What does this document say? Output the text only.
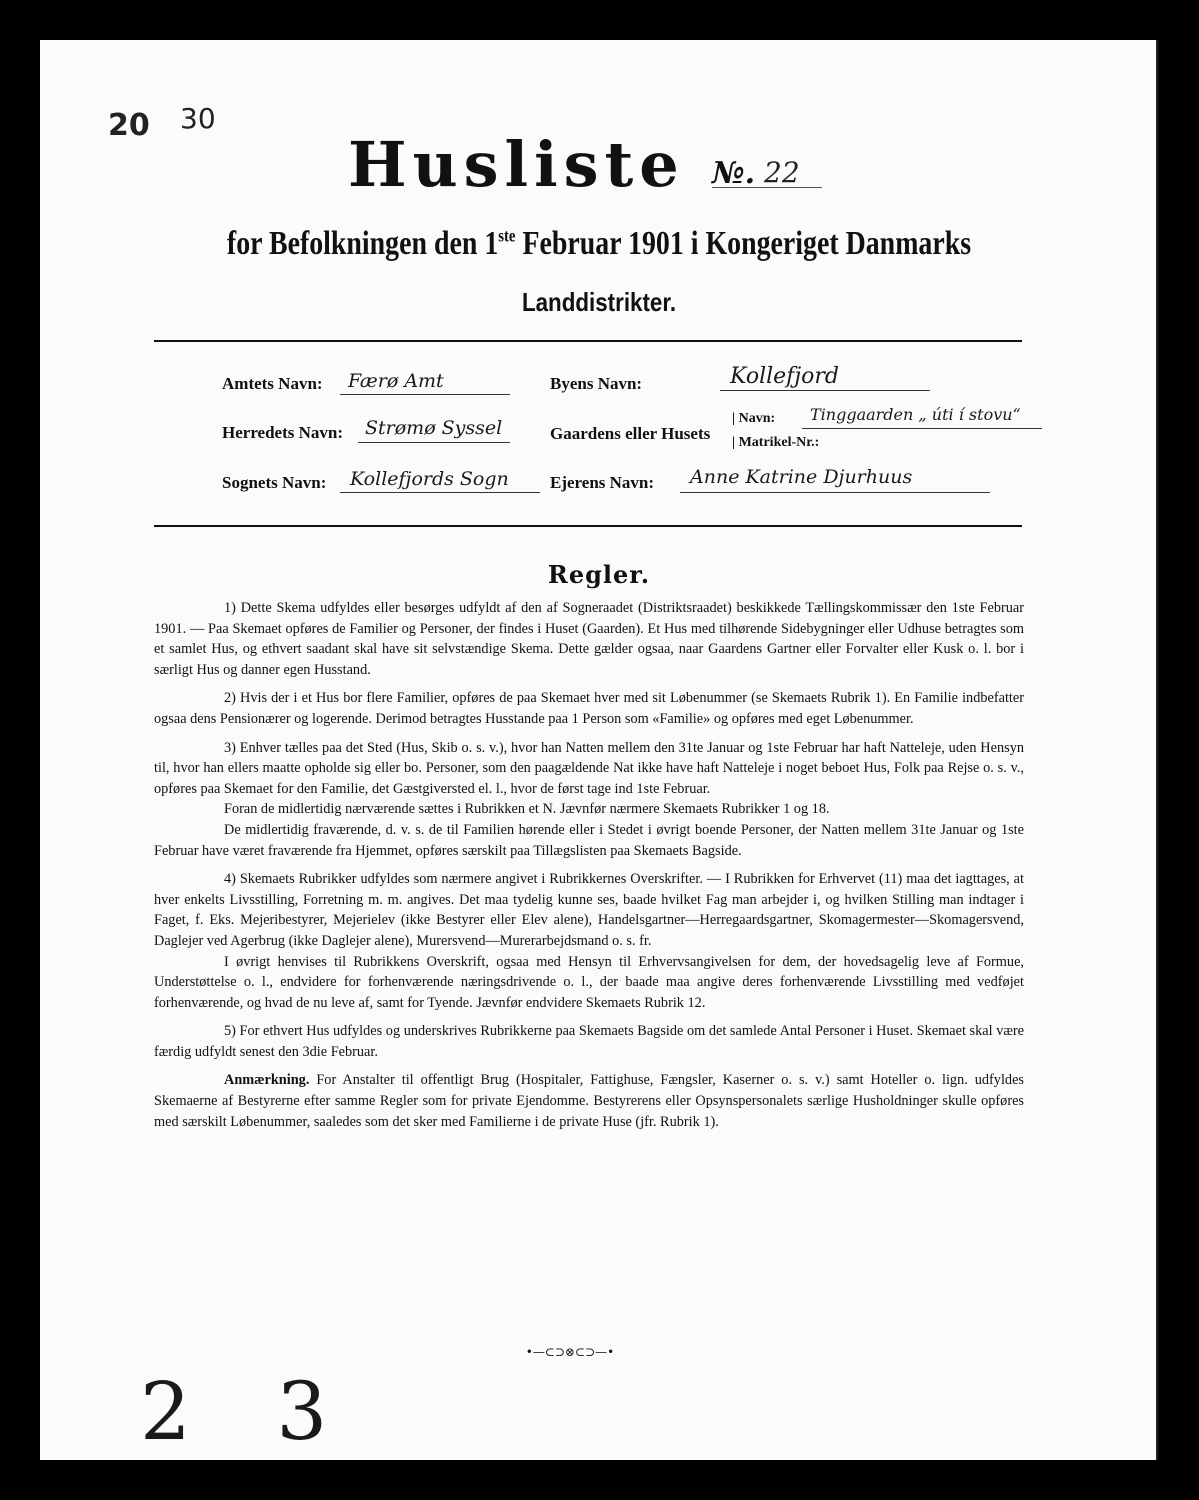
20 30
Husliste №. 22
for Befolkningen den 1ste Februar 1901 i Kongeriget Danmarks
Landdistrikter.
Amtets Navn: Færø Amt
Herredets Navn: Strømø Syssel
Sognets Navn: Kollefjords Sogn
Byens Navn:	Kollefjord
Gaardens eller Husets
| Navn: Tinggaarden „ úti í stovu“
| Matrikel-Nr.:
Ejerens Navn: Anne Katrine Djurhuus
Regler.

1) Dette Skema udfyldes eller besørges udfyldt af den af Sogneraadet (Distriktsraadet) beskikkede Tællingskommissær den 1ste Februar 1901. — Paa Skemaet opføres de Familier og Personer, der findes i Huset (Gaarden). Et Hus med tilhørende Sidebygninger eller Udhuse betragtes som et samlet Hus, og ethvert saadant skal have sit selvstændige Skema. Dette gælder ogsaa, naar Gaardens Gartner eller Forvalter eller Kusk o. l. bor i særligt Hus og danner egen Husstand.

2) Hvis der i et Hus bor flere Familier, opføres de paa Skemaet hver med sit Løbenummer (se Skemaets Rubrik 1). En Familie indbefatter ogsaa dens Pensionærer og logerende. Derimod betragtes Husstande paa 1 Person som «Familie» og opføres med eget Løbenummer.

3) Enhver tælles paa det Sted (Hus, Skib o. s. v.), hvor han Natten mellem den 31te Januar og 1ste Februar har haft Natteleje, uden Hensyn til, hvor han ellers maatte opholde sig eller bo. Personer, som den paagældende Nat ikke have haft Natteleje i noget beboet Hus, Folk paa Rejse o. s. v., opføres paa Skemaet for den Familie, det Gæstgiversted el. l., hvor de først tage ind 1ste Februar.

Foran de midlertidig nærværende sættes i Rubrikken et N. Jævnfør nærmere Skemaets Rubrikker 1 og 18.

De midlertidig fraværende, d. v. s. de til Familien hørende eller i Stedet i øvrigt boende Personer, der Natten mellem 31te Januar og 1ste Februar have været fraværende fra Hjemmet, opføres særskilt paa Tillægslisten paa Skemaets Bagside.

4) Skemaets Rubrikker udfyldes som nærmere angivet i Rubrikkernes Overskrifter. — I Rubrikken for Erhvervet (11) maa det iagttages, at hver enkelts Livsstilling, Forretning m. m. angives. Det maa tydelig kunne ses, baade hvilket Fag man arbejder i, og hvilken Stilling man indtager i Faget, f. Eks. Mejeribestyrer, Mejerielev (ikke Bestyrer eller Elev alene), Handelsgartner—Herregaardsgartner, Skomagermester—Skomagersvend, Daglejer ved Agerbrug (ikke Daglejer alene), Murersvend—Murerarbejdsmand o. s. fr.

I øvrigt henvises til Rubrikkens Overskrift, ogsaa med Hensyn til Erhvervsangivelsen for dem, der hovedsagelig leve af Formue, Understøttelse o. l., endvidere for forhenværende næringsdrivende o. l., der baade maa angive deres forhenværende Livsstilling med vedføjet forhenværende, og hvad de nu leve af, samt for Tyende. Jævnfør endvidere Skemaets Rubrik 12.

5) For ethvert Hus udfyldes og underskrives Rubrikkerne paa Skemaets Bagside om det samlede Antal Personer i Huset. Skemaet skal være færdig udfyldt senest den 3die Februar.

Anmærkning. For Anstalter til offentligt Brug (Hospitaler, Fattighuse, Fængsler, Kaserner o. s. v.) samt Hoteller o. lign. udfyldes Skemaerne af Bestyrerne efter samme Regler som for private Ejendomme. Bestyrerens eller Opsynspersonalets særlige Husholdninger skulle opføres med særskilt Løbenummer, saaledes som det sker med Familierne i de private Huse (jfr. Rubrik 1).

•—⊂⊃⊗⊂⊃—•
2 3
